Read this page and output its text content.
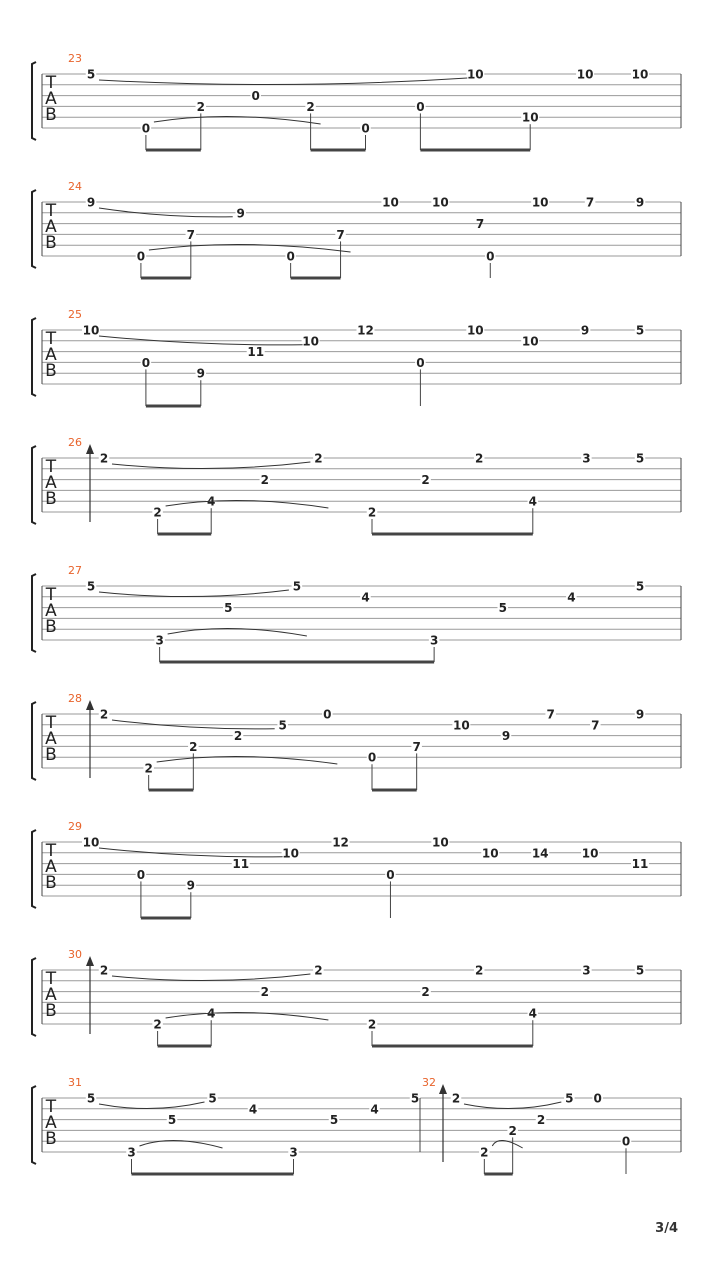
T
A
B
23
5
0
2
0
2
0
0
10
10
10	10
T
A
B
24
9
0
7
9
0
7
10	10
0
10	7	9
7
T
A
B
25
10
0
9
11
10
12
0
10
10
9	5
T
A
B
26
2
2
4
2
2
2
2
2
4
3	5
T
A
B
27
5
3
5
5
4
3
5
4
5
T
A
B
28
2
2
2
2
5
0
0
7
10
9
7
7
9
T
A
B
29
10
0
9
11
10
12
0
10
10	14	10
11
T
A
B
30
2
2
4
2
2
2
2
2
4
3	5
T
A
B
31
5
3
5
5
4
3
5
4
5
32
2
2
2
2
5 0
0
3/4
